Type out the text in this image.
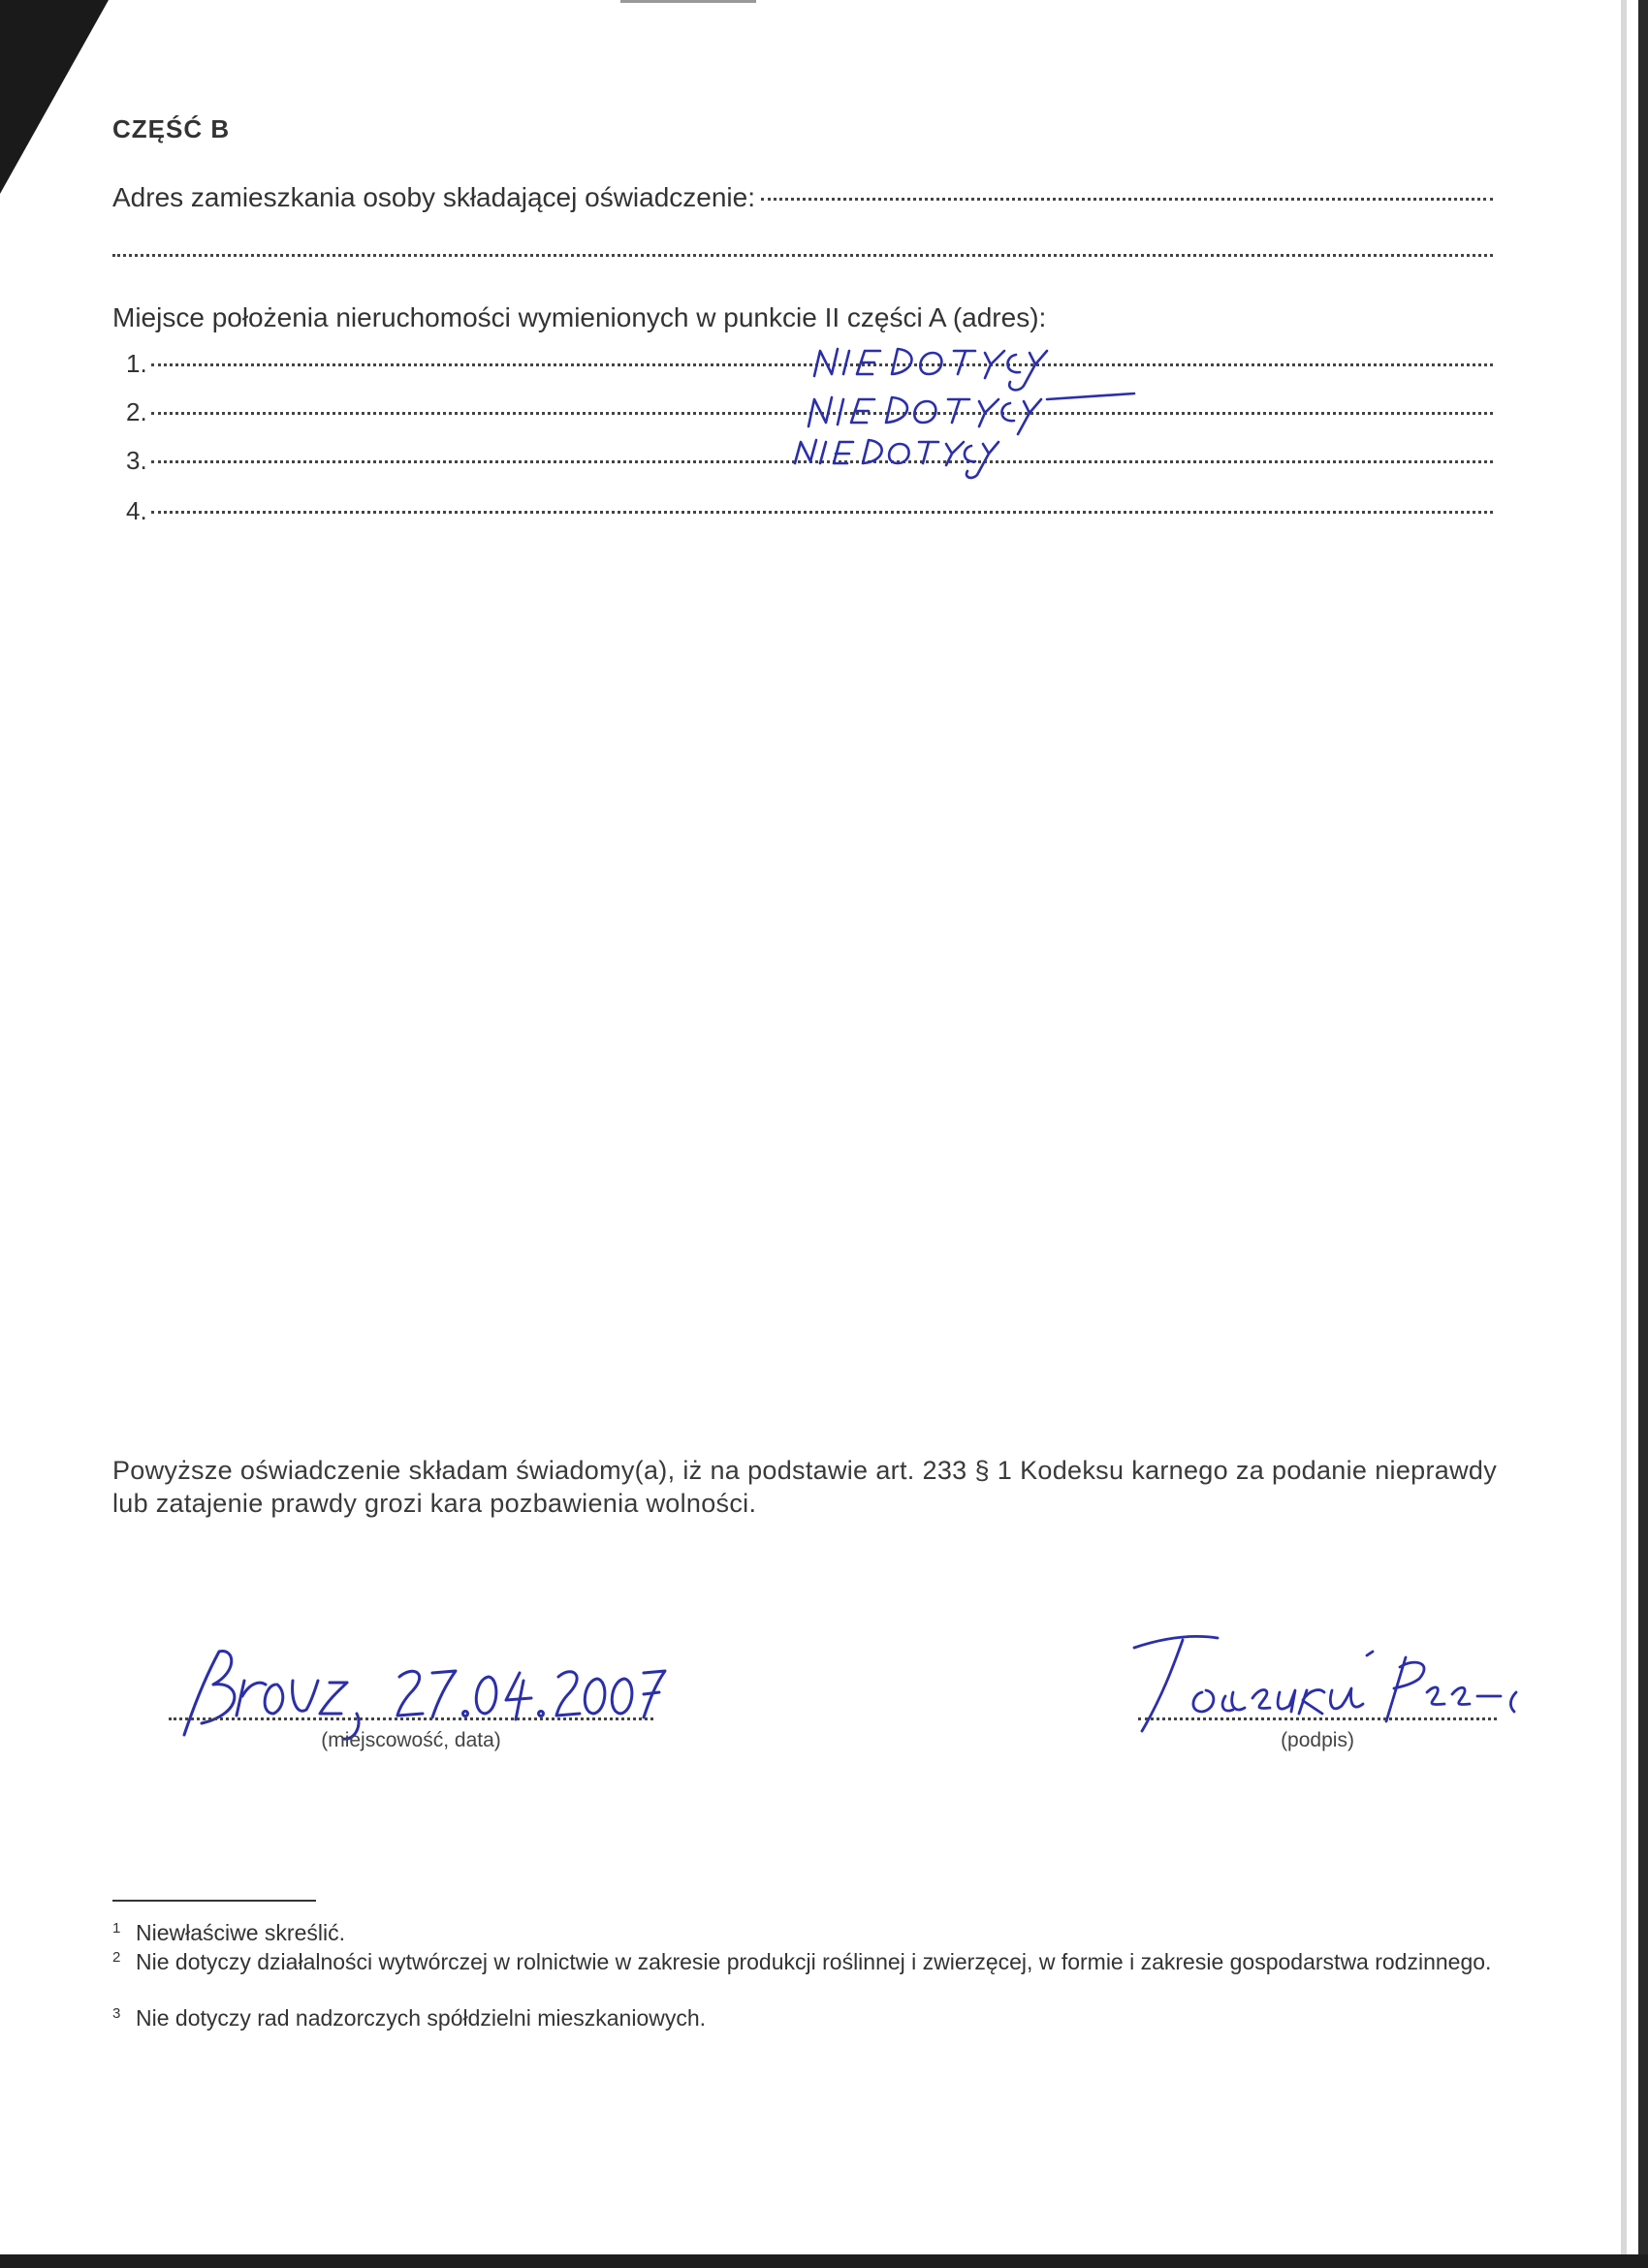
CZĘŚĆ B
Adres zamieszkania osoby składającej oświadczenie:
Miejsce położenia nieruchomości wymienionych w punkcie II części A (adres):
1.
2.
3.
4.
Powyższe oświadczenie składam świadomy(a), iż na podstawie art. 233 § 1 Kodeksu karnego za podanie nieprawdy lub zatajenie prawdy grozi kara pozbawienia wolności.
(miejscowość, data)	(podpis)
$^1$ Niewłaściwe skreślić.
$^2$ Nie dotyczy działalności wytwórczej w rolnictwie w zakresie produkcji roślinnej i zwierzęcej, w formie i zakresie gospodarstwa rodzinnego.
$^3$ Nie dotyczy rad nadzorczych spółdzielni mieszkaniowych.
